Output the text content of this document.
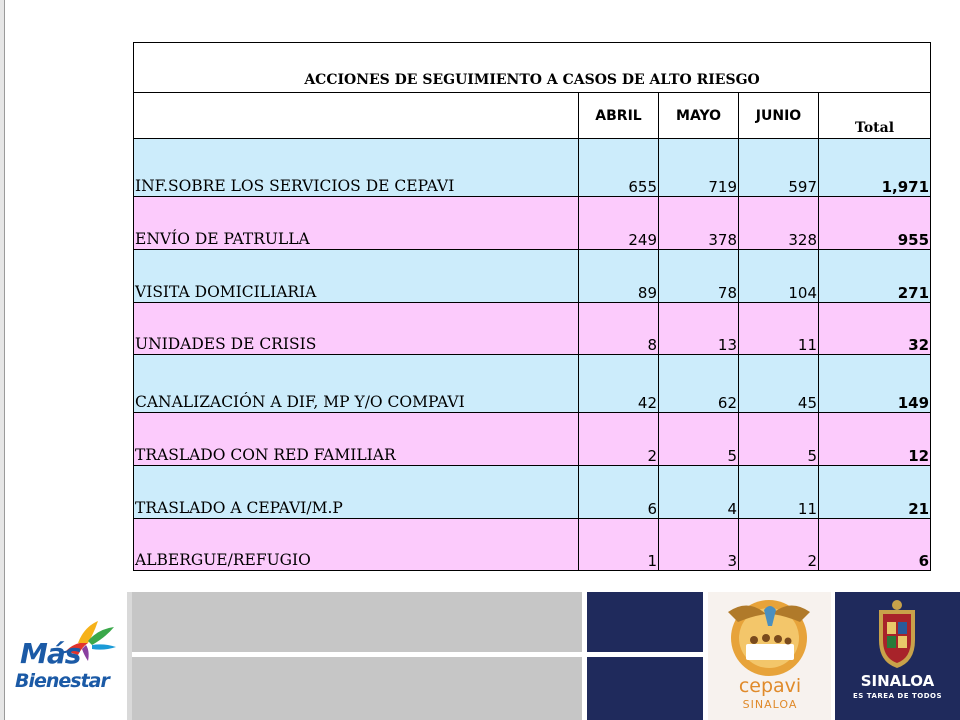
ACCIONES DE SEGUIMIENTO A CASOS DE ALTO RIESGO				
	ABRIL	MAYO	JUNIO	Total
INF.SOBRE LOS SERVICIOS DE CEPAVI	655	719	597	1,971
ENVÍO DE PATRULLA	249	378	328	955
VISITA DOMICILIARIA	89	78	104	271
UNIDADES DE CRISIS	8	13	11	32
CANALIZACIÓN A DIF, MP Y/O COMPAVI	42	62	45	149
TRASLADO CON RED FAMILIAR	2	5	5	12
TRASLADO A CEPAVI/M.P	6	4	11	21
ALBERGUE/REFUGIO	1	3	2	6
Más
Bienestar	cepavi
SINALOA
SINALOA
ES TAREA DE TODOS
